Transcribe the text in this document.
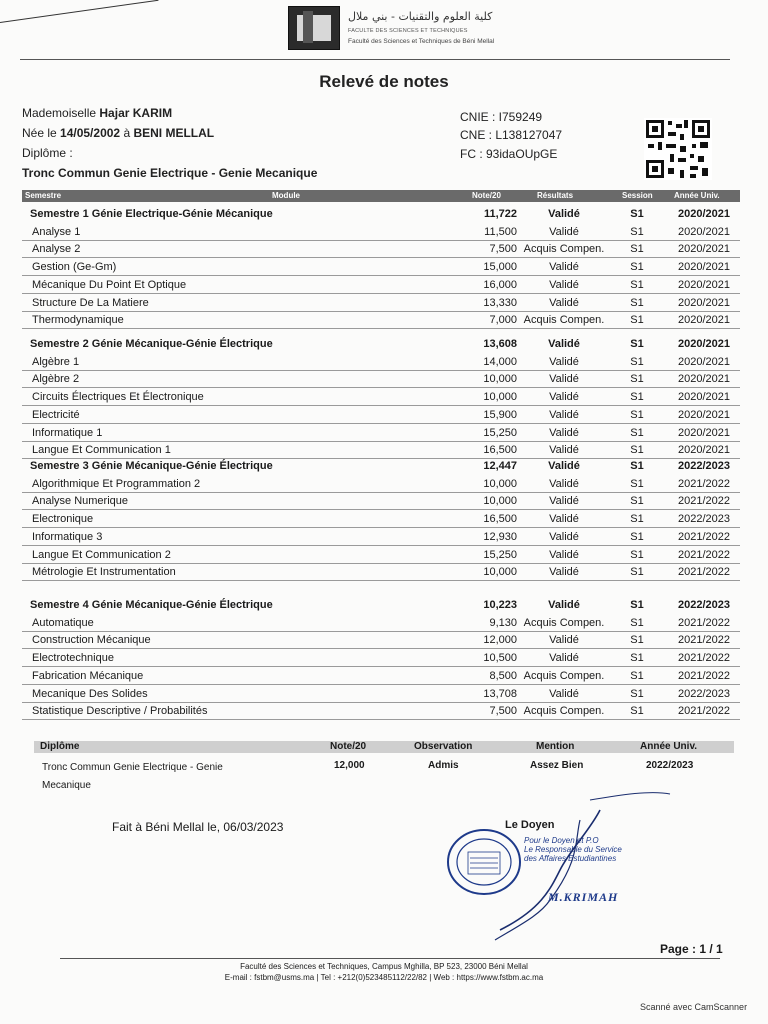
كلية العلوم والتقنيات - بني ملال
FACULTE DES SCIENCES ET TECHNIQUES
Faculté des Sciences et Techniques de Béni Mellal
Relevé de notes
Mademoiselle Hajar KARIM
Née le 14/05/2002 à BENI MELLAL
Diplôme :
Tronc Commun Genie Electrique - Genie Mecanique
CNIE : I759249
CNE : L138127047
FC : 93idaOUpGE
Semestre	Module	Note/20	Résultats	Session	Année Univ.
Semestre 1 Génie Electrique-Génie Mécanique	11,722	Validé	S1	2020/2021
Analyse 1	11,500	Validé	S1	2020/2021
Analyse 2	7,500 Acquis Compen.	S1	2020/2021
Gestion (Ge-Gm)	15,000	Validé	S1	2020/2021
Mécanique Du Point Et Optique	16,000	Validé	S1	2020/2021
Structure De La Matiere	13,330	Validé	S1	2020/2021
Thermodynamique	7,000 Acquis Compen.	S1	2020/2021
Semestre 2 Génie Mécanique-Génie Électrique	13,608	Validé	S1	2020/2021
Algèbre 1	14,000	Validé	S1	2020/2021
Algèbre 2	10,000	Validé	S1	2020/2021
Circuits Électriques Et Électronique	10,000	Validé	S1	2020/2021
Electricité	15,900	Validé	S1	2020/2021
Informatique 1	15,250	Validé	S1	2020/2021
Langue Et Communication 1	16,500	Validé	S1	2020/2021
Semestre 3 Génie Mécanique-Génie Électrique	12,447	Validé	S1	2022/2023
Algorithmique Et Programmation 2	10,000	Validé	S1	2021/2022
Analyse Numerique	10,000	Validé	S1	2021/2022
Electronique	16,500	Validé	S1	2022/2023
Informatique 3	12,930	Validé	S1	2021/2022
Langue Et Communication 2	15,250	Validé	S1	2021/2022
Métrologie Et Instrumentation	10,000	Validé	S1	2021/2022
Semestre 4 Génie Mécanique-Génie Électrique	10,223	Validé	S1	2022/2023
Automatique	9,130 Acquis Compen.	S1	2021/2022
Construction Mécanique	12,000	Validé	S1	2021/2022
Electrotechnique	10,500	Validé	S1	2021/2022
Fabrication Mécanique	8,500 Acquis Compen.	S1	2021/2022
Mecanique Des Solides	13,708	Validé	S1	2022/2023
Statistique Descriptive / Probabilités	7,500 Acquis Compen.	S1	2021/2022
Diplôme	Note/20	Observation	Mention	Année Univ.
Tronc Commun Genie Electrique - Genie
Mecanique
12,000	Admis	Assez Bien	2022/2023
Fait à Béni Mellal le, 06/03/2023	Le Doyen
Pour le Doyen et P.O
Le Responsable du Service
des Affaires Estudiantines
M.KRIMAH
Page : 1 / 1
Faculté des Sciences et Techniques, Campus Mghilla, BP 523, 23000 Béni Mellal
E-mail : fstbm@usms.ma | Tel : +212(0)523485112/22/82 | Web : https://www.fstbm.ac.ma
Scanné avec CamScanner
